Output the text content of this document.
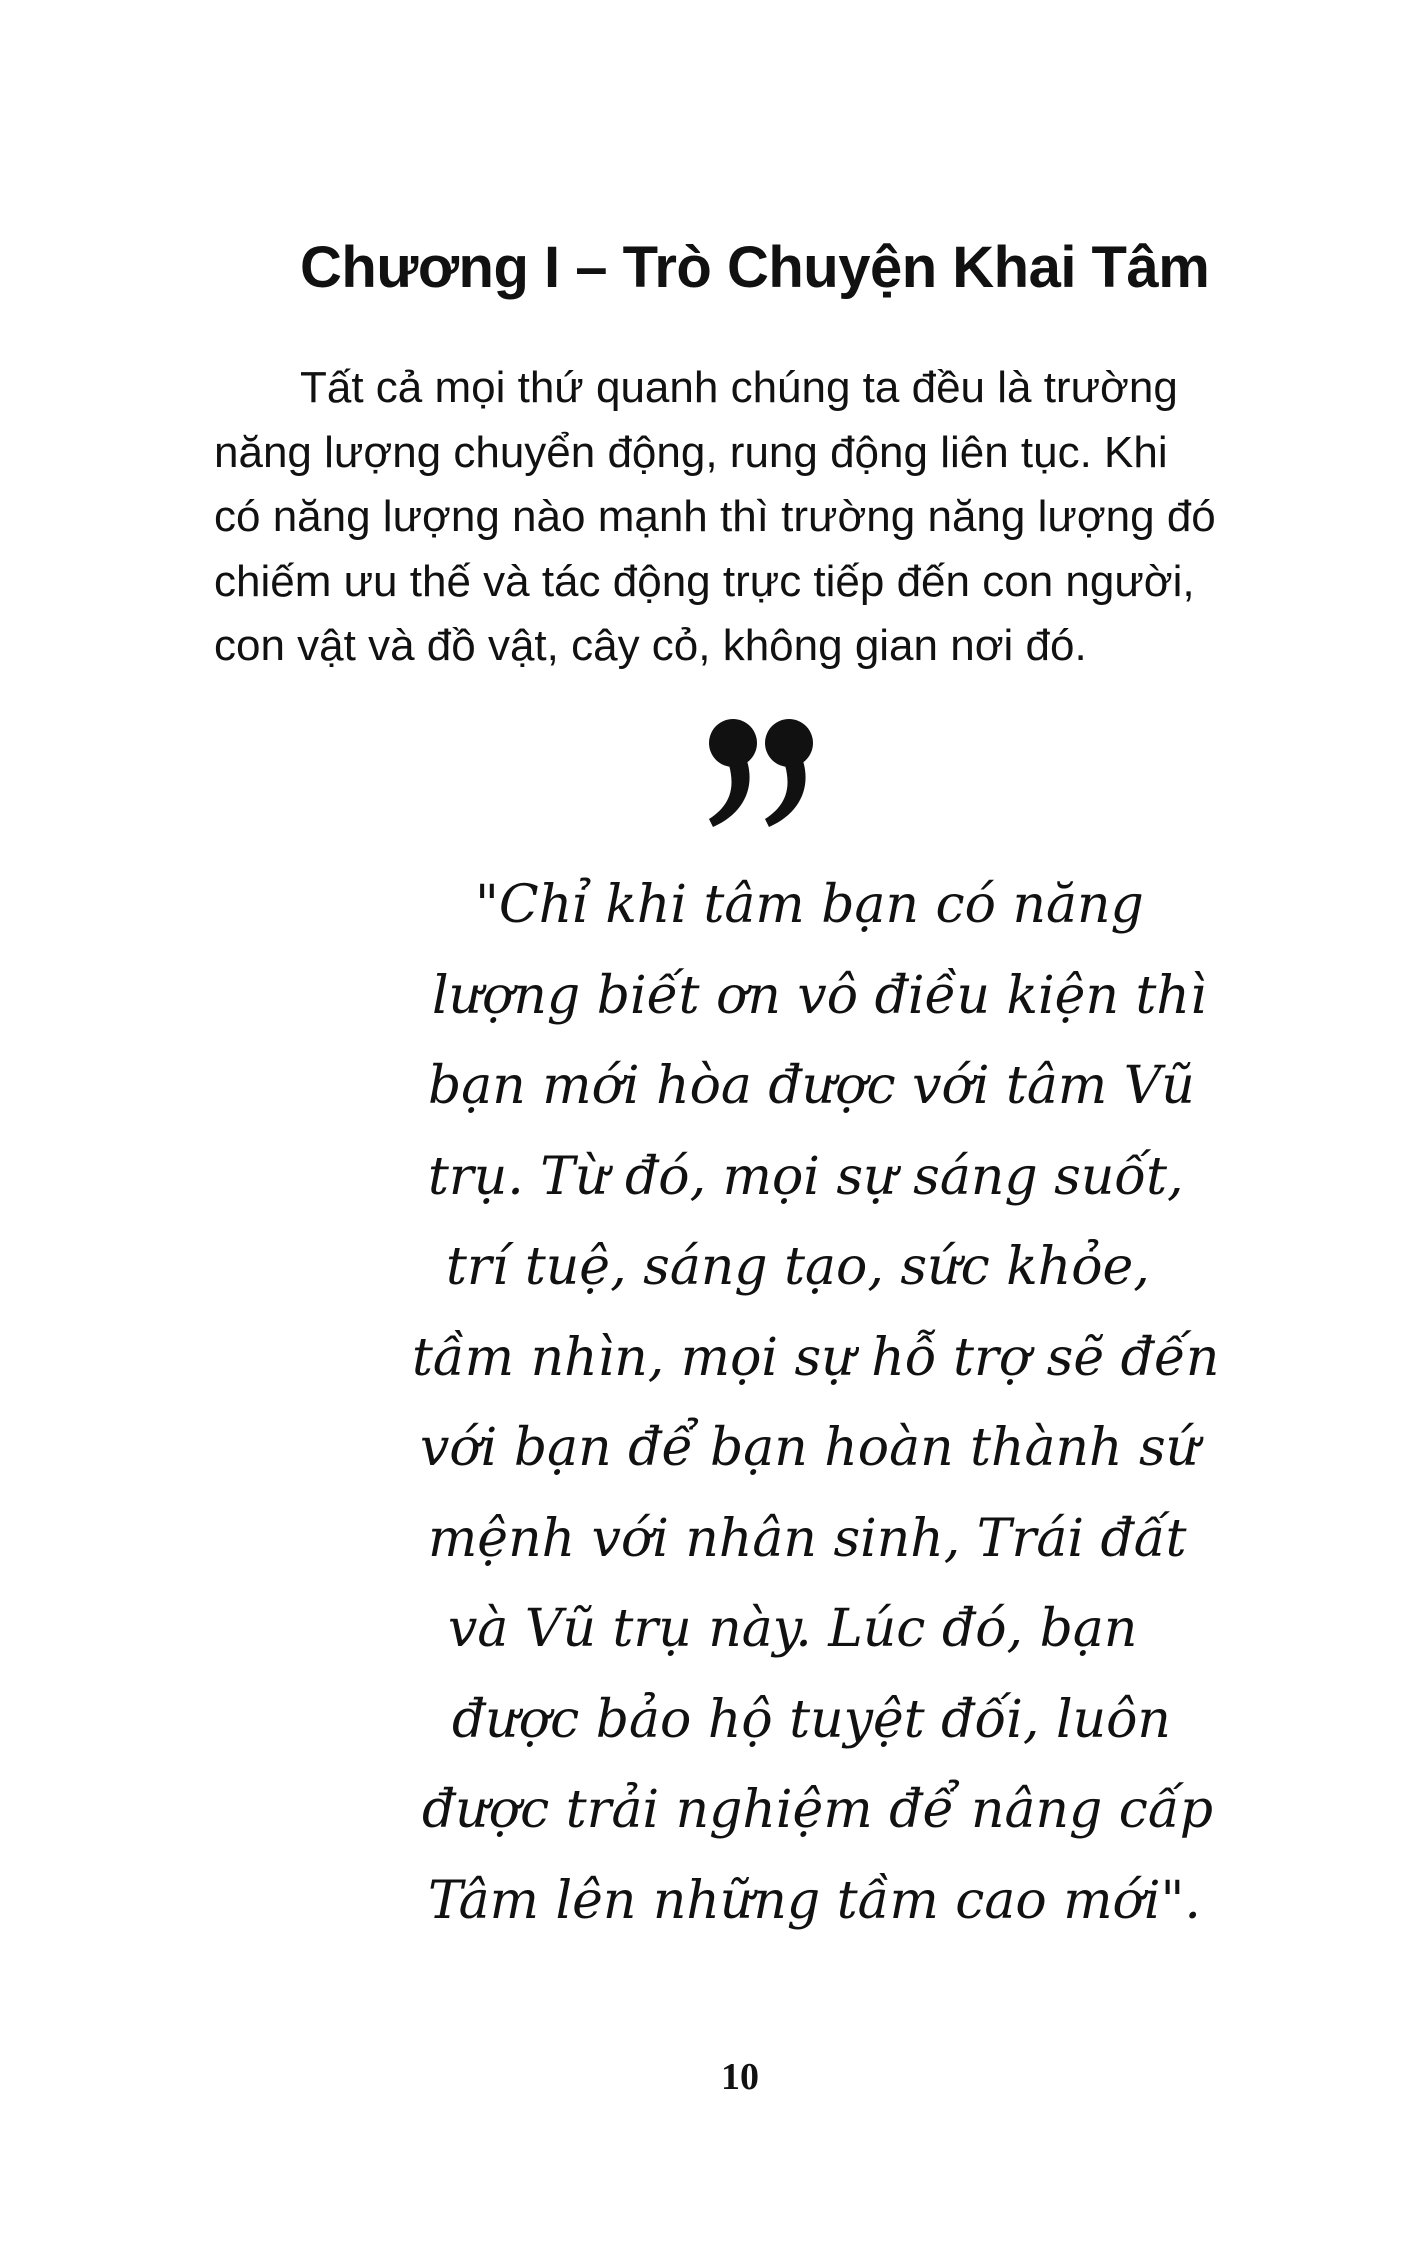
Chương I – Trò Chuyện Khai Tâm
Tất cả mọi thứ quanh chúng ta đều là trường
năng lượng chuyển động, rung động liên tục. Khi
có năng lượng nào mạnh thì trường năng lượng đó
chiếm ưu thế và tác động trực tiếp đến con người,
con vật và đồ vật, cây cỏ, không gian nơi đó.
"Chỉ khi tâm bạn có năng
lượng biết ơn vô điều kiện thì
bạn mới hòa được với tâm Vũ
trụ. Từ đó, mọi sự sáng suốt,
trí tuệ, sáng tạo, sức khỏe,
tầm nhìn, mọi sự hỗ trợ sẽ đến
với bạn để bạn hoàn thành sứ
mệnh với nhân sinh, Trái đất
và Vũ trụ này. Lúc đó, bạn
được bảo hộ tuyệt đối, luôn
được trải nghiệm để nâng cấp
Tâm lên những tầm cao mới".
10
